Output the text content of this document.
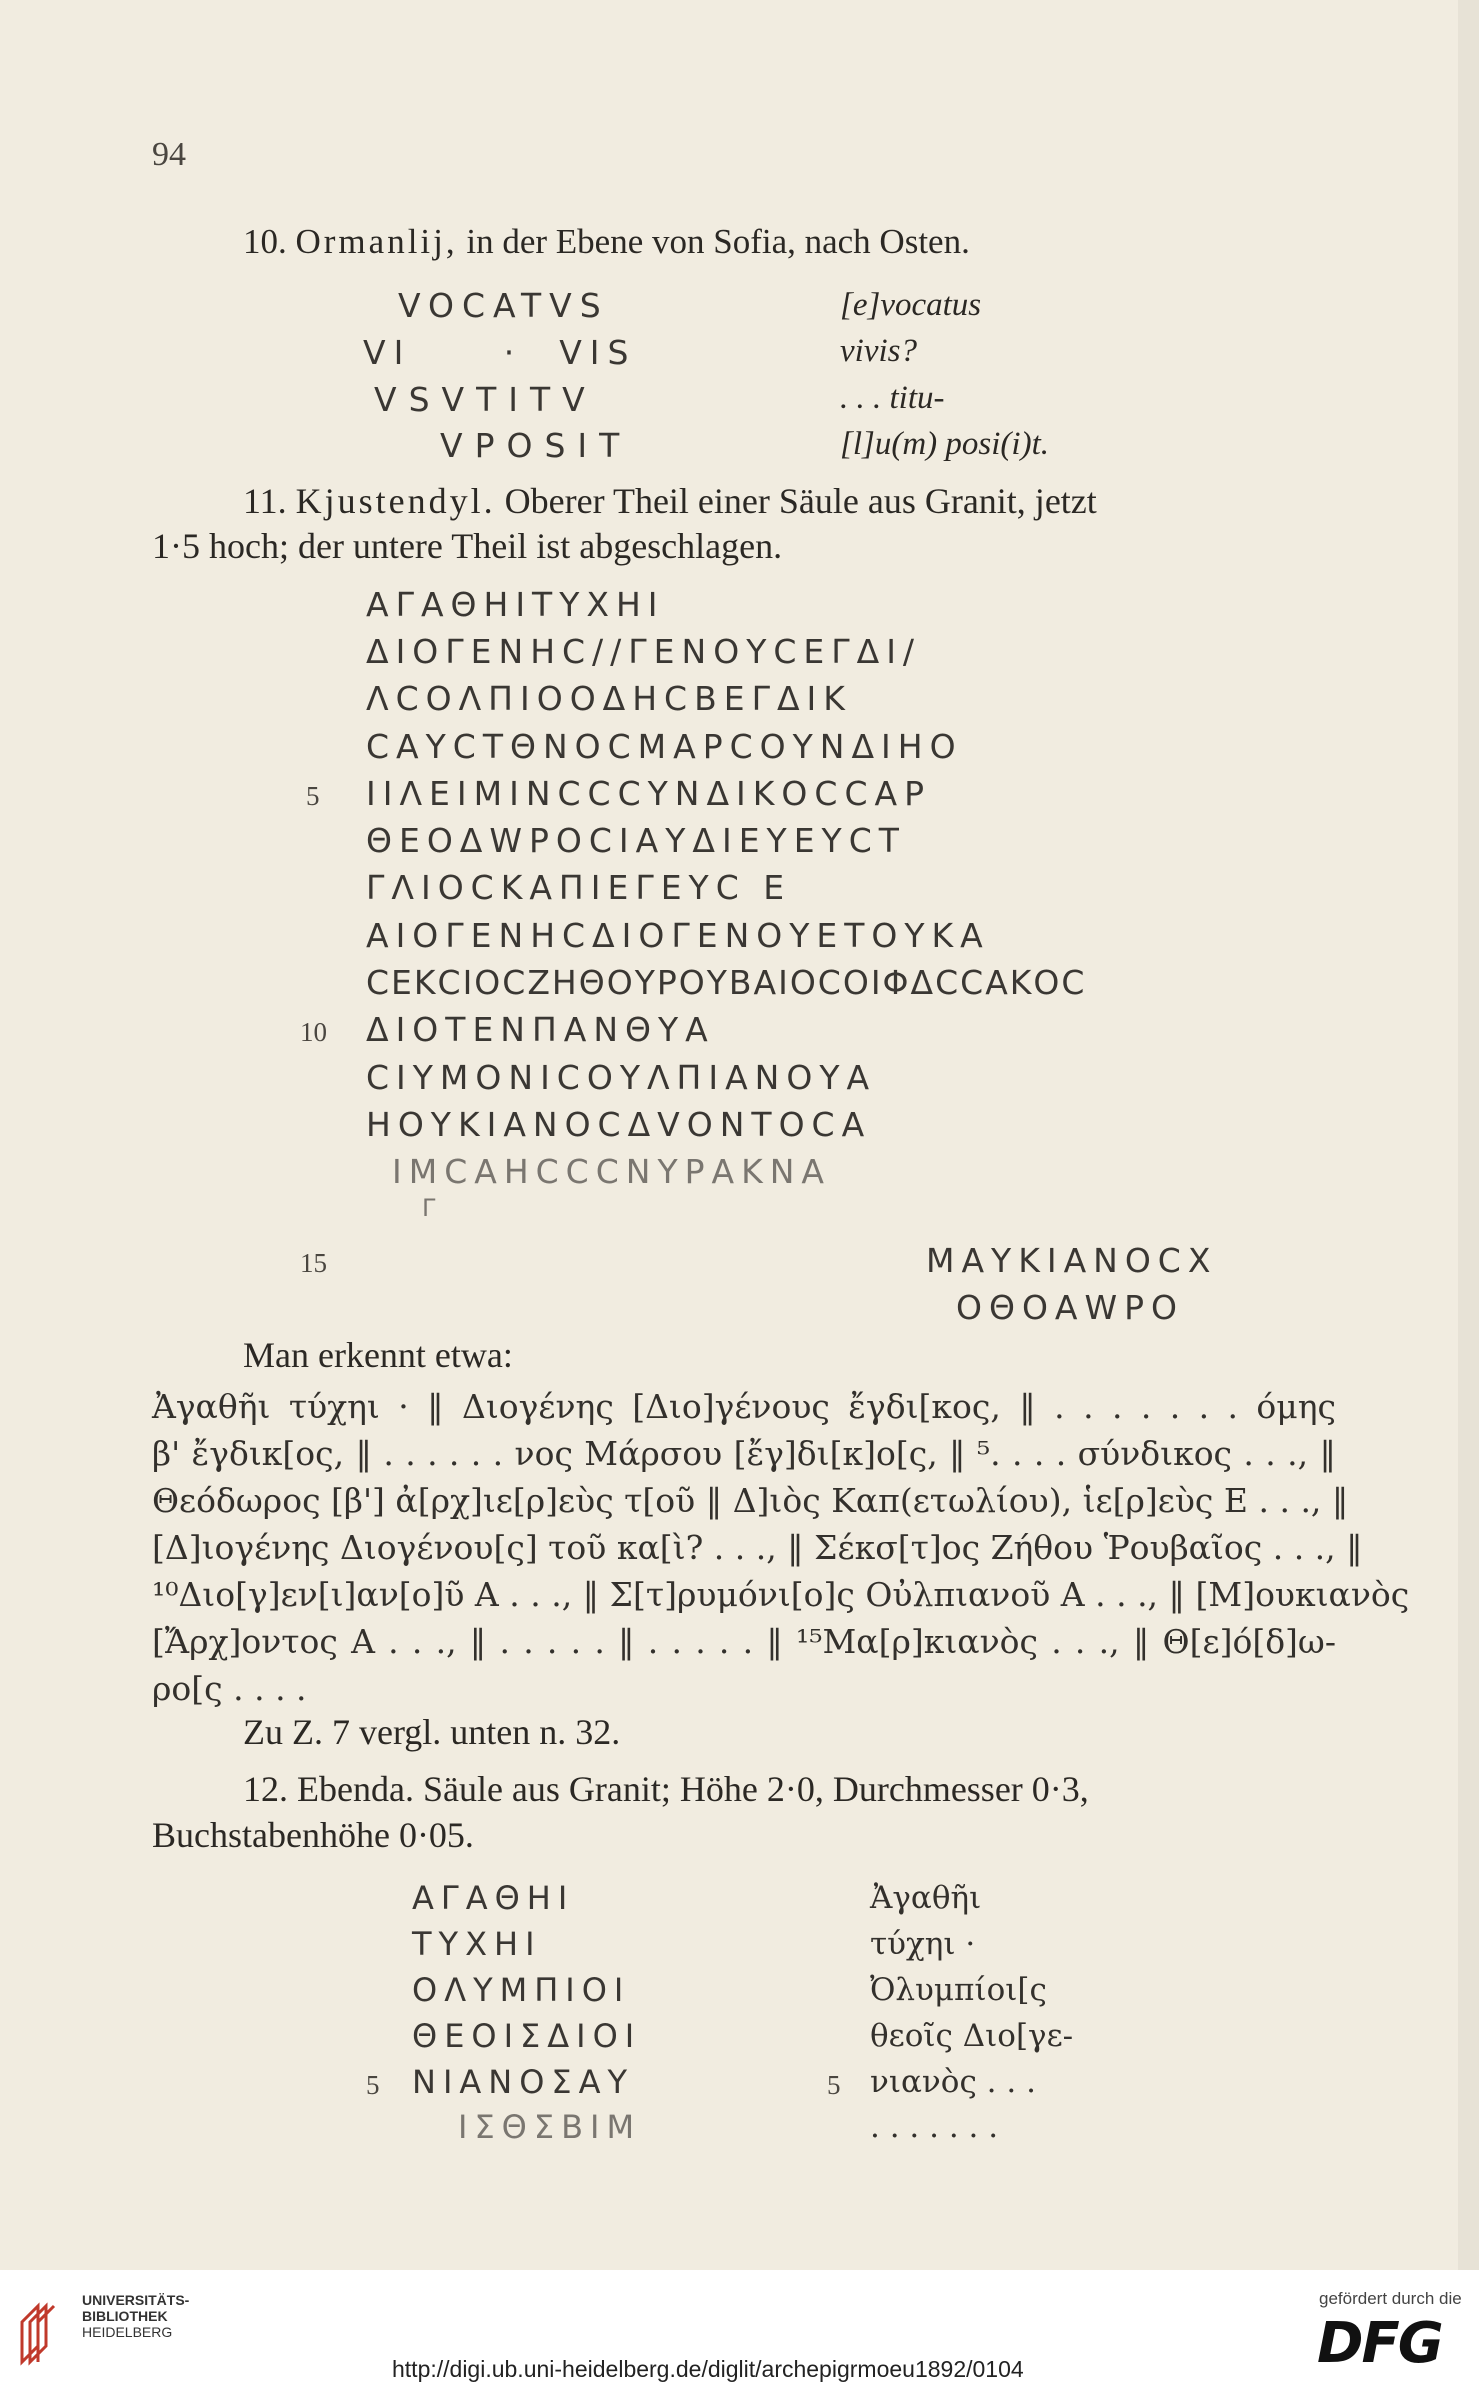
94
10. Ormanlij, in der Ebene von Sofia, nach Osten.
VOCATVS
VI     ·  VIS
VSVTITV
VPOSIT
[e]vocatus
vivis?
. . . titu-
[l]u(m) posi(i)t.
11. Kjustendyl. Oberer Theil einer Säule aus Granit, jetzt
1·5 hoch; der untere Theil ist abgeschlagen.
ΑΓΑΘΗΙΤΥΧΗΙ
ΔΙΟΓΕΝΗC//ΓΕΝΟΥCΕΓΔΙ/
ΛCΟΛΠΙΟΟΔΗCΒΕΓΔΙΚ
CΑΥCΤΘΝΟCΜΑΡCΟΥΝΔΙΗΟ
ΙΙΛΕΙΜΙΝCCCΥΝΔΙΚΟCCΑΡ
ΘΕΟΔWΡΟCΙΑΥΔΙΕΥΕΥCΤ
ΓΛΙΟCΚΑΠΙΕΓΕΥC Ε
ΑΙΟΓΕΝΗCΔΙΟΓΕΝΟΥΕΤΟΥΚΑ
CΕΚCΙΟCΖΗΘΟΥΡΟΥΒΑΙΟCΟΙΦΔCCΑΚΟC
ΔΙΟΤΕΝΠΑΝΘΥΑ
CΙΥΜΟΝΙCΟΥΛΠΙΑΝΟΥΑ
ΗΟΥΚΙΑΝΟCΔVΟΝΤΟCΑ
ΙΜCΑΗCCCΝΥΡΑΚΝΑ
Γ
ΜΑΥΚΙΑΝΟCΧ
ΟΘΟΑWΡΟ
5
10
15
Man erkennt etwa:
Ἀγαθῆι τύχηι · ‖ Διογένης [Διο]γένους ἔγδι[κος, ‖ . . . . . . . όμης
β' ἔγδικ[ος, ‖ . . . . . . νος Μάρσου [ἔγ]δι[κ]ο[ς, ‖ ⁵. . . . σύνδικος . . ., ‖
Θεόδωρος [β'] ἀ[ρχ]ιε[ρ]εὺς τ[οῦ ‖ Δ]ιὸς Καπ(ετωλίου), ἱε[ρ]εὺς Ε . . ., ‖
[Δ]ιογένης Διογένου[ς] τοῦ κα[ὶ? . . ., ‖ Σέκσ[τ]ος Ζήθου Ῥουβαῖος . . ., ‖
¹⁰Διο[γ]εν[ι]αν[ο]ῦ Α . . ., ‖ Σ[τ]ρυμόνι[ο]ς Οὐλπιανοῦ Α . . ., ‖ [Μ]ουκιανὸς
[Ἄρχ]οντος Α . . ., ‖ . . . . . ‖ . . . . . ‖ ¹⁵Μα[ρ]κιανὸς . . ., ‖ Θ[ε]ό[δ]ω-
ρο[ς . . . .
Zu Z. 7 vergl. unten n. 32.
12. Ebenda. Säule aus Granit; Höhe 2·0, Durchmesser 0·3,
Buchstabenhöhe 0·05.
ΑΓΑΘΗΙ
ΤΥΧΗΙ
ΟΛΥΜΠΙΟΙ
ΘΕΟΙΣΔΙΟΙ
ΝΙΑΝΟΣΑΥ
ΙΣΘΣΒΙΜ
Ἀγαθῆι
τύχηι ·
Ὀλυμπίοι[ς
θεοῖς Διο[γε-
νιανὸς . . .
. . . . . . .
5	5
UNIVERSITÄTS-
BIBLIOTHEK
HEIDELBERG
http://digi.ub.uni-heidelberg.de/diglit/archepigrmoeu1892/0104
gefördert durch die
DFG
